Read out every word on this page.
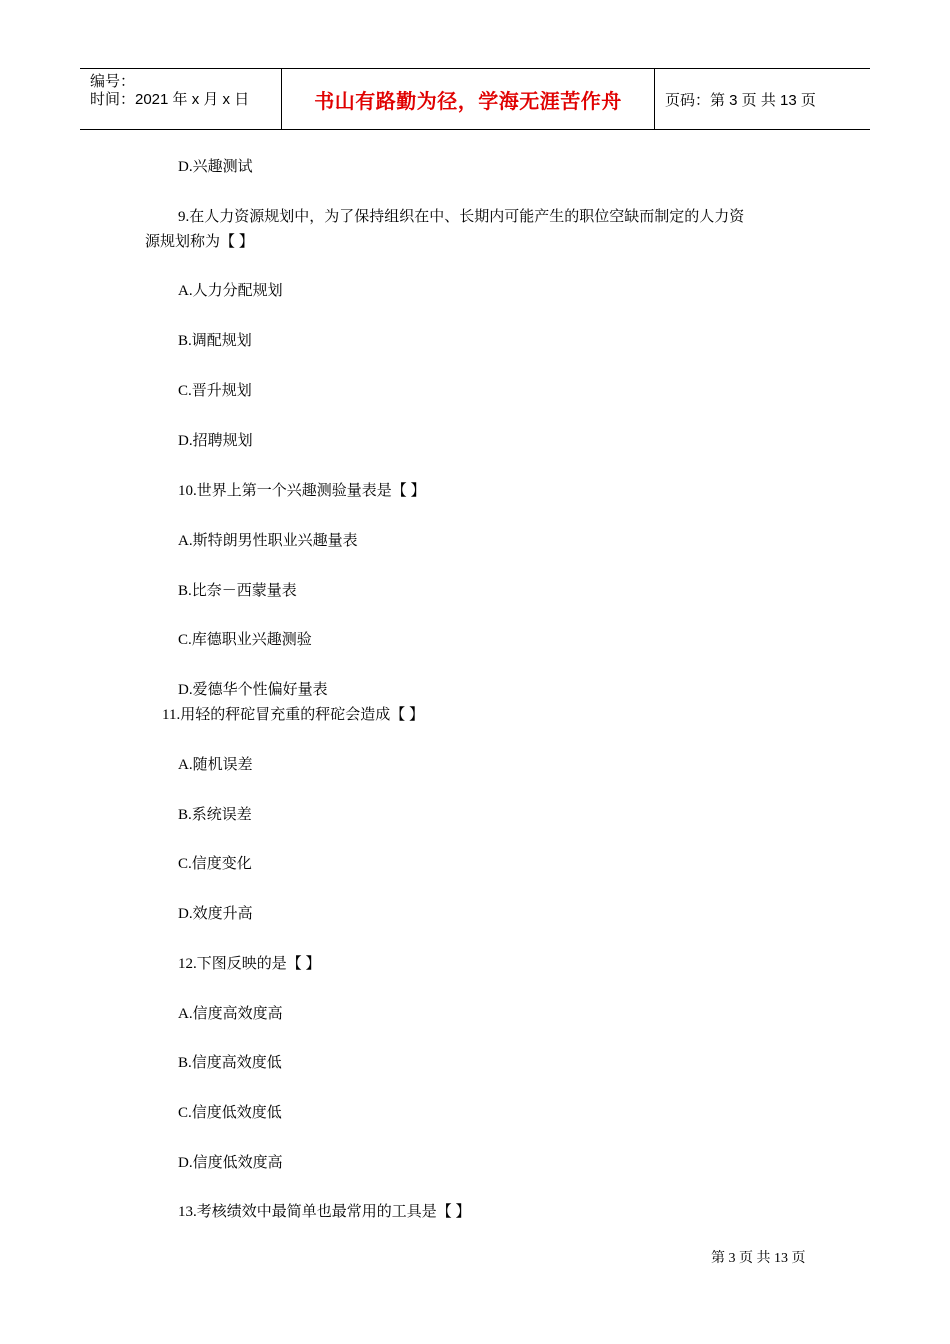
编号：
时间：2021 年 x 月 x 日	书山有路勤为径，学海无涯苦作舟	页码：第 3 页 共 13 页
D.兴趣测试
9.在人力资源规划中，为了保持组织在中、长期内可能产生的职位空缺而制定的人力资
源规划称为【 】
A.人力分配规划
B.调配规划
C.晋升规划
D.招聘规划
10.世界上第一个兴趣测验量表是【 】
A.斯特朗男性职业兴趣量表
B.比奈－西蒙量表
C.库德职业兴趣测验
D.爱德华个性偏好量表
11.用轻的秤砣冒充重的秤砣会造成【 】
A.随机误差
B.系统误差
C.信度变化
D.效度升高
12.下图反映的是【 】
A.信度高效度高
B.信度高效度低
C.信度低效度低
D.信度低效度高
13.考核绩效中最简单也最常用的工具是【 】
第 3 页 共 13 页
